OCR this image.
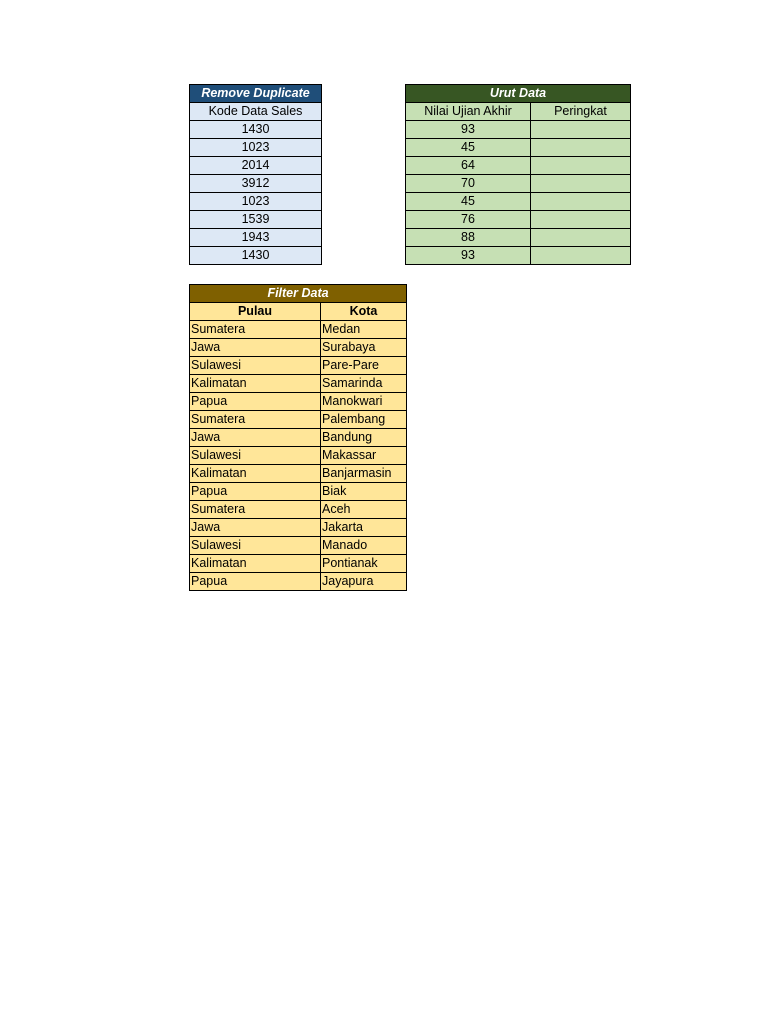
Remove Duplicate
Kode Data Sales
1430
1023
2014
3912
1023
1539
1943
1430
Urut Data	
Nilai Ujian Akhir	Peringkat
93	
45	
64	
70	
45	
76	
88	
93	
Filter Data	
Pulau	Kota
Sumatera	Medan
Jawa	Surabaya
Sulawesi	Pare-Pare
Kalimatan	Samarinda
Papua	Manokwari
Sumatera	Palembang
Jawa	Bandung
Sulawesi	Makassar
Kalimatan	Banjarmasin
Papua	Biak
Sumatera	Aceh
Jawa	Jakarta
Sulawesi	Manado
Kalimatan	Pontianak
Papua	Jayapura
